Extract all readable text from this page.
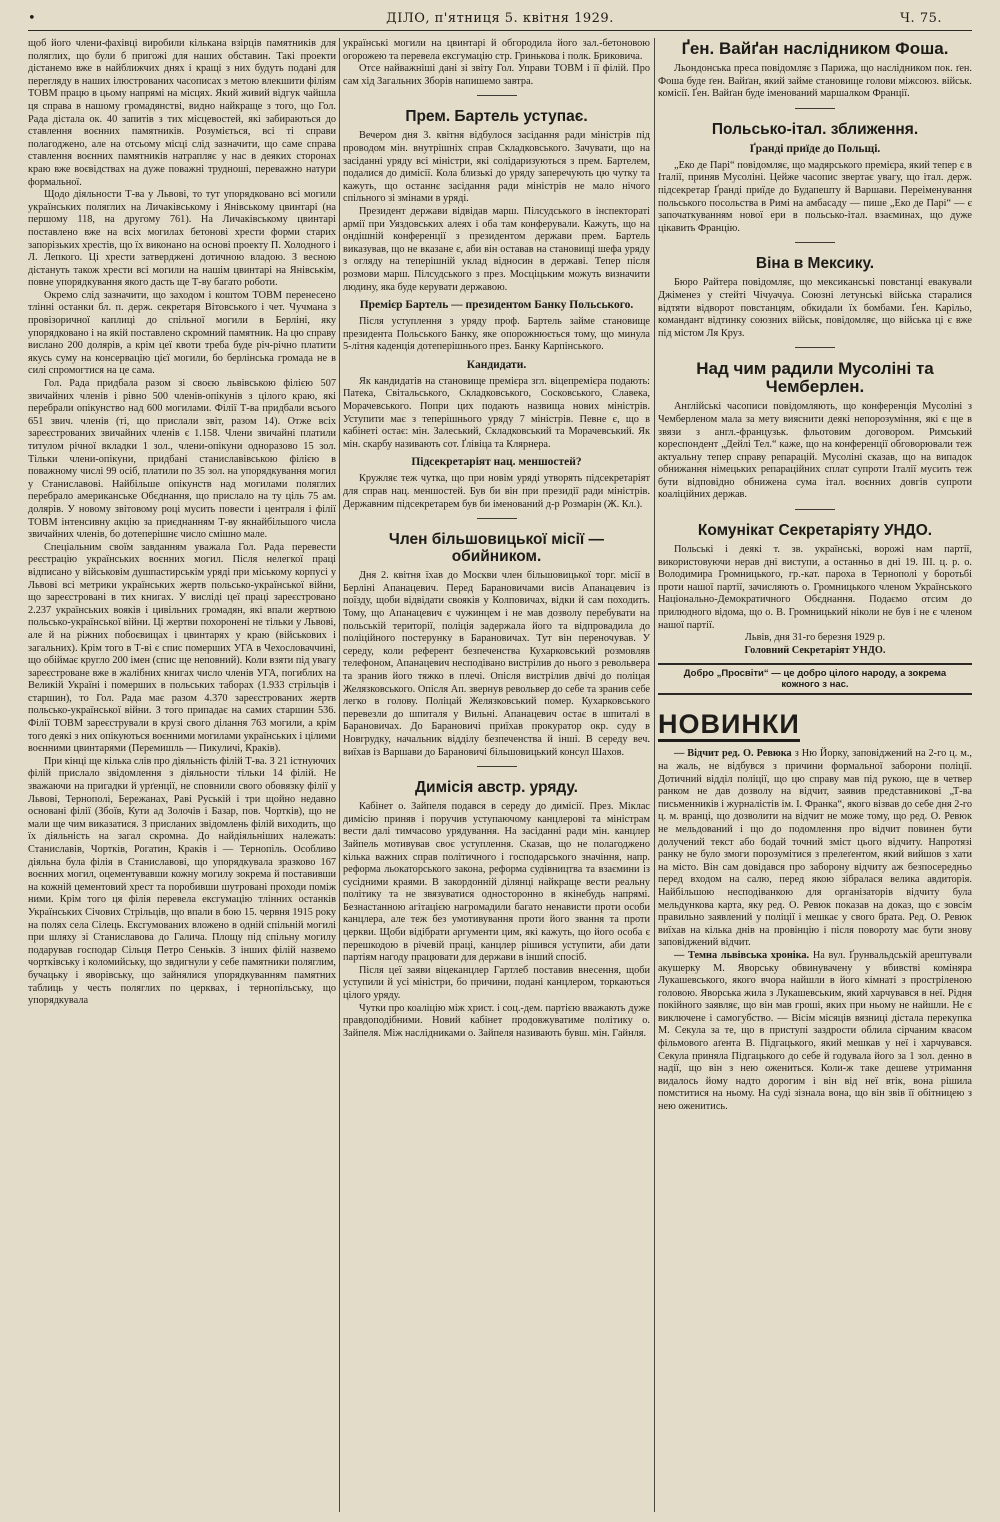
•	ДІЛО, п'ятниця 5. квітня 1929.	Ч. 75.

щоб його члени-фахівці виробили кількана взірців памятників для поляглих, що були б пригожі для наших обставин. Такі проекти дістанемо вже в найближчих днях і кращі з них будуть подані для перегляду в наших ілюстрованих часописах з метою влекшити філіям ТОВМ працю в цьому напрямі на місцях. Який живий відгук чайшла ця справа в нашому громадянстві, видно найкраще з того, що Гол. Рада дістала ок. 40 запитів з тих місцевостей, які забираються до ставлення воєнних памятників. Розуміється, всі ті справи полагоджено, але на отсьому місці слід зазначити, що саме справа ставлення воєнних памятників натрапляє у нас в деяких сторонах краю вже воєвідствах на дуже поважні трудноші, переважно натури формальної.

Щодо діяльности Т-ва у Львові, то тут упорядковано всі могили українських поляглих на Личаківському і Янівському цвинтарі (на першому 118, на другому 761). На Личаківському цвинтарі поставлено вже на всіх могилах бетонові хрести форми старих запорізьких хрестів, що їх виконано на основі проекту П. Холодного і Л. Лепкого. Ці хрести затверджені дотичною владою. З весною дістануть також хрести всі могили на нашім цвинтарі на Янівськім, повне упорядкування якого дасть ще Т-ву багато роботи.

Окремо слід зазначити, що заходом і коштом ТОВМ перенесено тлінні останки бл. п. держ. секретаря Вітовського і чет. Чучмана з провізоричної каплиці до спільної могили в Берліні, яку упорядковано і на якій поставлено скромний памятник. На цю справу вислано 200 долярів, а крім цеї квоти треба буде річ-річно платити якусь суму на консервацію цієї могили, бо берлінська громада не в силі спромогтися на це сама.

Гол. Рада придбала разом зі своєю львівською філією 507 звичайних членів і рівно 500 членів-опікунів з цілого краю, які перебрали опікунство над 600 могилами. Філії Т-ва придбали всього 651 звич. членів (ті, що прислали звіт, разом 14). Отже всіх зареєстрованих звичайних членів є 1.158. Члени звичайні платили титулом річної вкладки 1 зол., члени-опікуни одноразово 15 зол. Тільки члени-опікуни, придбані станиславівською філією в поважному числі 99 осіб, платили по 35 зол. на упорядкування могил у Станиславові. Найбільше опікунств над могилами поляглих перебрало американське Обєднання, що прислало на ту ціль 75 ам. долярів. У новому звітовому році мусить повести і централя і філії ТОВМ інтенсивну акцію за приєднанням Т-ву якнайбільшого числа звичайних членів, бо дотеперішнє число смішно мале.

Спеціальним своїм завданням уважала Гол. Рада перевести реєстрацію українських воєнних могил. Після нелегкої праці відписано у військовім душпастирськім уряді при міському корпусі у Львові всі метрики українських жертв польсько-української війни, що зареєстровані в тих книгах. У висліді цеї праці зареєстровано 2.237 українських вояків і цивільних громадян, які впали жертвою польсько-української війни. Ці жертви похоронені не тільки у Львові, але й на ріжних побоєвищах і цвинтарях у краю (військових і загальних). Крім того в Т-ві є спис померших УГА в Чехословаччині, що обіймає кругло 200 імен (спис ще неповний). Коли взяти під увагу зареєстроване вже в жалібних книгах число членів УГА, погиблих на Великій Україні і померших в польських таборах (1.933 стрільців і старшин), то Гол. Рада має разом 4.370 зареєстрованих жертв польсько-української війни. З того припадає на самих старшин 536. Філії ТОВМ зареєстрували в крузі свого ділання 763 могили, а крім того деякі з них опікуються воєнними могилами українських і цілими воєнними цвинтарями (Перемишль — Пикуличі, Краків).

При кінці ще кілька слів про діяльність філій Т-ва. З 21 істнуючих філій прислало звідомлення з діяльности тільки 14 філій. Не зважаючи на пригадки й урґенції, не сповнили свого обовязку філії у Львові, Тернополі, Бережанах, Раві Руській і три щойно недавно основані філії (Збоїв, Кути ад Золочів і Базар, пов. Чортків), що не мали ще чим виказатися. З присланих звідомлень філій виходить, що їх діяльність на загал скромна. До найдіяльніших належать: Станиславів, Чортків, Рогатин, Краків і — Тернопіль. Особливо діяльна була філія в Станиславові, що упорядкувала зразково 167 воєнних могил, оцементувавши кожну могилу зокрема й поставивши на кожній цементовий хрест та поробивши шутровані проходи поміж ними. Крім того ця філія перевела ексгумацію тлінних останків Українських Січових Стрільців, що впали в бою 15. червня 1915 року на полях села Сілець. Ексгумованих вложено в одній спільній могилі при шляху зі Станиславова до Галича. Площу під спільну могилу подарував господар Сільця Петро Сеньків. З інших філій назвемо чортківську і коломийську, що звдигнули у себе памятники поляглим, бучацьку і яворівську, що зайнялися упорядкуванням памятних таблиць у честь поляглих по церквах, і тернопільську, що упорядкувала

українські могили на цвинтарі й обгородила його зал.-бетоновою огорожею та перевела ексгумацію стр. Гринькова і полк. Бриковича.

Отсе найважніші дані зі звіту Гол. Управи ТОВМ і її філій. Про сам хід Загальних Зборів напишемо завтра.

Прем. Бартель уступає.

Вечером дня 3. квітня відбулося засідання ради міністрів під проводом мін. внутрішніх справ Складковського. Зачувати, що на засіданні уряду всі міністри, які солідаризуються з прем. Бартелем, подалися до димісії. Кола близькі до уряду заперечують цю чутку та кажуть, що останнє засідання ради міністрів не мало нічого спільного зі змінами в уряді.

Президент держави відвідав марш. Пілсудського в інспектораті армії при Уяздовських алеях і оба там конферували. Кажуть, що на ондішній конференції з президентом держави прем. Бартель виказував, що не вказане є, аби він оставав на становищі шефа уряду з огляду на теперішній уклад відносин в державі. Тепер після розмови марш. Пілсудського з през. Мосціцьким можуть визначити людину, яка буде керувати державою.

Премієр Бартель — президентом Банку Польського.

Після уступлення з уряду проф. Бартель займе становище президента Польського Банку, яке опорожнюється тому, що минула 5-літня каденція дотеперішнього през. Банку Карпінського.

Кандидати.

Як кандидатів на становище премієра згл. віцепремієра подають: Патека, Світальського, Складковського, Сосковського, Славека, Морачевського. Попри цих подають назвища нових міністрів. Уступити має з теперішнього уряду 7 міністрів. Певне є, що в кабінеті остає: мін. Залеський, Складковський та Морачевський. Як мін. скарбу називають сот. Ґлівіца та Клярнера.

Підсекретаріят нац. меншостей?

Кружляє теж чутка, що при новім уряді утворять підсекретаріят для справ нац. меншостей. Був би він при президії ради міністрів. Державним підсекретарем був би іменований д-р Розмарін (Ж. Кл.).

Член більшовицької місії — обийником.

Дня 2. квітня їхав до Москви член більшовицької торг. місії в Берліні Апанацевич. Перед Барановичами висів Апанацевич із поїзду, щоби відвідати свояків у Колповичах, відки й сам походить. Тому, що Апанацевич є чужинцем і не мав дозволу перебувати на польській території, поліція задержала його та відпровадила до поліційного постерунку в Барановичах. Тут він переночував. У середу, коли референт безпеченства Кухарковський розмовляв телефоном, Апанацевич несподівано вистрілив до нього з револьвера та зранив його тяжко в плечі. Опісля вистрілив двічі до поліцая Желязковського. Опісля Ап. звернув револьвер до себе та зранив себе легко в голову. Поліцай Желязковський помер. Кухарковського перевезли до шпиталя у Вильні. Апанацевич остає в шпиталі в Барановичах. До Барановичі приїхав прокуратор окр. суду в Новгрудку, начальник відділу безпеченства й інші. В середу веч. виїхав із Варшави до Барановичі більшовицький консул Шахов.

Димісія австр. уряду.

Кабінет о. Зайпеля подався в середу до димісії. През. Міклас димісію приняв і поручив уступаючому канцлерові та міністрам вести далі тимчасово урядування. На засіданні ради мін. канцлер Зайпель мотивував своє уступлення. Сказав, що не полагоджено кілька важних справ політичного і господарського значіння, напр. реформа льокаторського закона, реформа судівництва та взаємини із сусідними краями. В закордонній ділянці найкраще вести реальну політику та не звязуватися односторонно в якінебудь напрямі. Безнастанною агітацією нагромадили багато ненависти проти особи канцлера, але теж без умотивування проти його звання та проти церкви. Щоби відібрати аргументи цим, які кажуть, що його особа є перешкодою в річевій праці, канцлер рішився уступити, аби дати партіям нагоду працювати для держави в інший спосіб.

Після цеї заяви віцеканцлер Гартлеб поставив внесення, щоби уступили й усі міністри, бо причини, подані канцлером, торкаються цілого уряду.

Чутки про коаліцію між христ. і соц.-дем. партією вважають дуже правдоподібними. Новий кабінет продовжуватиме політику о. Зайпеля. Між наслідниками о. Зайпеля називають бувш. мін. Гайнля.

Ґен. Вайґан наслідником Фоша.

Льондонська преса повідомляє з Парижа, що наслідником пок. ґен. Фоша буде ґен. Вайґан, який займе становище голови міжсоюз. військ. комісії. Ґен. Вайґан буде іменований маршалком Франції.

Польсько-італ. зближення.
Ґранді приїде до Польщі.

„Еко де Парі“ повідомляє, що мадярського премієра, який тепер є в Італії, приняв Мусоліні. Цейже часопис звертає увагу, що італ. держ. підсекретар Ґранді приїде до Будапешту й Варшави. Переіменування польського посольства в Римі на амбасаду — пише „Еко де Парі“ — є започаткуванням нової ери в польсько-італ. взаєминах, що дуже цікавить Францію.

Віна в Мексику.

Бюро Райтера повідомляє, що мексиканські повстанці евакували Джіменез у стейті Чічуачуа. Союзні летунські війська старалися відтяти відворот повстанцям, обкидали їх бомбами. Ґен. Карільо, командант відтинку союзних військ, повідомляє, що війська ці є вже під містом Ля Круз.

Над чим радили Мусоліні та Чемберлен.

Англійські часописи повідомляють, що конференція Мусоліні з Чемберленом мала за мету вияснити деякі непорозуміння, які є ще в звязи з англ.-французьк. фльотовим договором. Римський кореспондент „Дейлі Тел.“ каже, що на конференції обговорювали теж актуальну тепер справу репарацій. Мусоліні сказав, що на випадок обнижання німецьких репараційних сплат супроти Італії мусить теж бути відповідно обнижена сума італ. воєнних довгів супроти коаліційних держав.

Комунікат Секретаріяту УНДО.

Польські і деякі т. зв. українські, ворожі нам партії, використовуючи нерав дні виступи, а останньо в дні 19. ІІІ. ц. р. о. Володимира Громницького, гр.-кат. пароха в Тернополі у боротьбі проти нашої партії, зачисляють о. Громницького членом Українського Національно-Демократичного Обєднання. Подаємо отсим до прилюдного відома, що о. В. Громницький ніколи не був і не є членом нашої партії.

Львів, дня 31-го березня 1929 р.

Головний Секретаріят УНДО.

Добро „Просвіти“ — це добро цілого народу, а зокрема кожного з нас.
НОВИНКИ

— Відчит ред. О. Ревюка з Ню Йорку, заповіджений на 2-го ц. м., на жаль, не відбувся з причини формальної заборони поліції. Дотичний відділ поліції, що цю справу мав під рукою, ще в четвер ранком не дав дозволу на відчит, заявив представникові „Т-ва письменників і журналістів ім. І. Франка“, якого візвав до себе дня 2-го ц. м. вранці, що дозволити на відчит не може тому, що ред. О. Ревюк не мельдований і що до подомлення про відчит повинен бути долучений текст або бодай точний зміст цього відчиту. Напротязі ранку не було змоги порозумітися з прелеґентом, який вийшов з хати на місто. Він сам довідався про заборону відчиту аж безпосередньо перед входом на салю, перед якою зібралася велика авдиторія. Найбільшою несподіванкою для організаторів відчиту була мельдункова карта, яку ред. О. Ревюк показав на доказ, що є зовсім правильно заявлений у поліції і мешкає у свого брата. Ред. О. Ревюк виїхав на кілька днів на провінцію і після повороту має бути знову заповіджений відчит.

— Темна львівська хроніка. На вул. Ґрунвальдській арештували акушерку М. Яворську обвинувачену у вбивстві комінярa Лукашевського, якого вчора найшли в його кімнаті з простріленою головою. Яворська жила з Лукашевським, який харчувався в неї. Рідня покійного заявляє, що він мав гроші, яких при ньому не найшли. Не є виключене і самогубство. — Вісім місяців вязниці дістала перекупка М. Секула за те, що в приступі заздрости облила сірчаним квасом фільмового аґента В. Підгацького, який мешкав у неї і харчувався. Секула приняла Підгацького до себе й годувала його за 1 зол. денно в надії, що він з нею ожениться. Коли-ж таке дешеве утримання видалось йому надто дорогим і він від неї втік, вона рішила помститися на ньому. На суді зізнала вона, що він звів її обітницею з нею оженитись.
